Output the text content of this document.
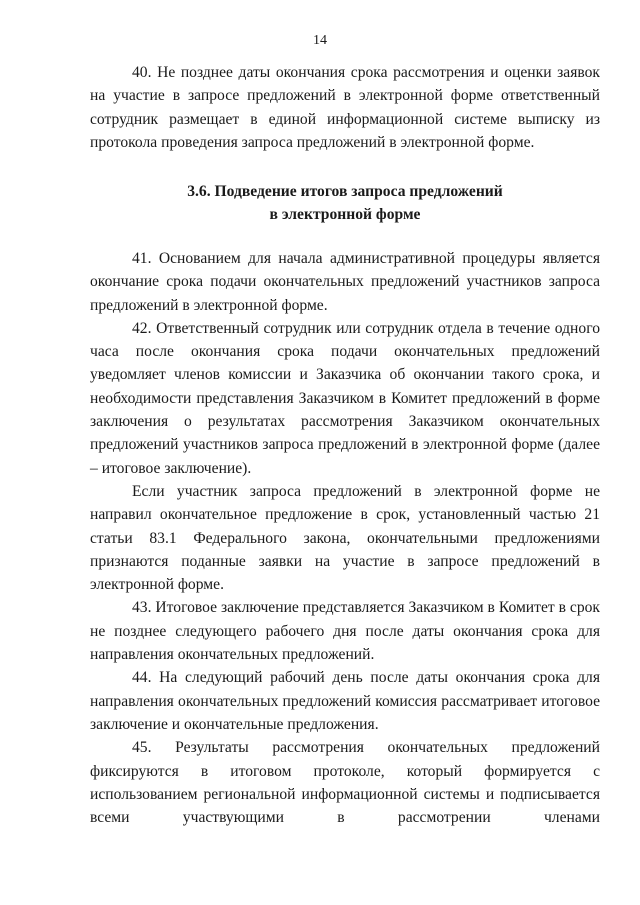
14

40. Не позднее даты окончания срока рассмотрения и оценки заявок на участие в запросе предложений в электронной форме ответственный сотрудник размещает в единой информационной системе выписку из протокола проведения запроса предложений в электронной форме.

3.6. Подведение итогов запроса предложений
в электронной форме

41. Основанием для начала административной процедуры является окончание срока подачи окончательных предложений участников запроса предложений в электронной форме.

42. Ответственный сотрудник или сотрудник отдела в течение одного часа после окончания срока подачи окончательных предложений уведомляет членов комиссии и Заказчика об окончании такого срока, и необходимости представления Заказчиком в Комитет предложений в форме заключения о результатах рассмотрения Заказчиком окончательных предложений участников запроса предложений в электронной форме (далее – итоговое заключение).

Если участник запроса предложений в электронной форме не направил окончательное предложение в срок, установленный частью 21 статьи 83.1 Федерального закона, окончательными предложениями признаются поданные заявки на участие в запросе предложений в электронной форме.

43. Итоговое заключение представляется Заказчиком в Комитет в срок не позднее следующего рабочего дня после даты окончания срока для направления окончательных предложений.

44. На следующий рабочий день после даты окончания срока для направления окончательных предложений комиссия рассматривает итоговое заключение и окончательные предложения.

45. Результаты рассмотрения окончательных предложений фиксируются в итоговом протоколе, который формируется с использованием региональной информационной системы и подписывается всеми участвующими в рассмотрении членами
